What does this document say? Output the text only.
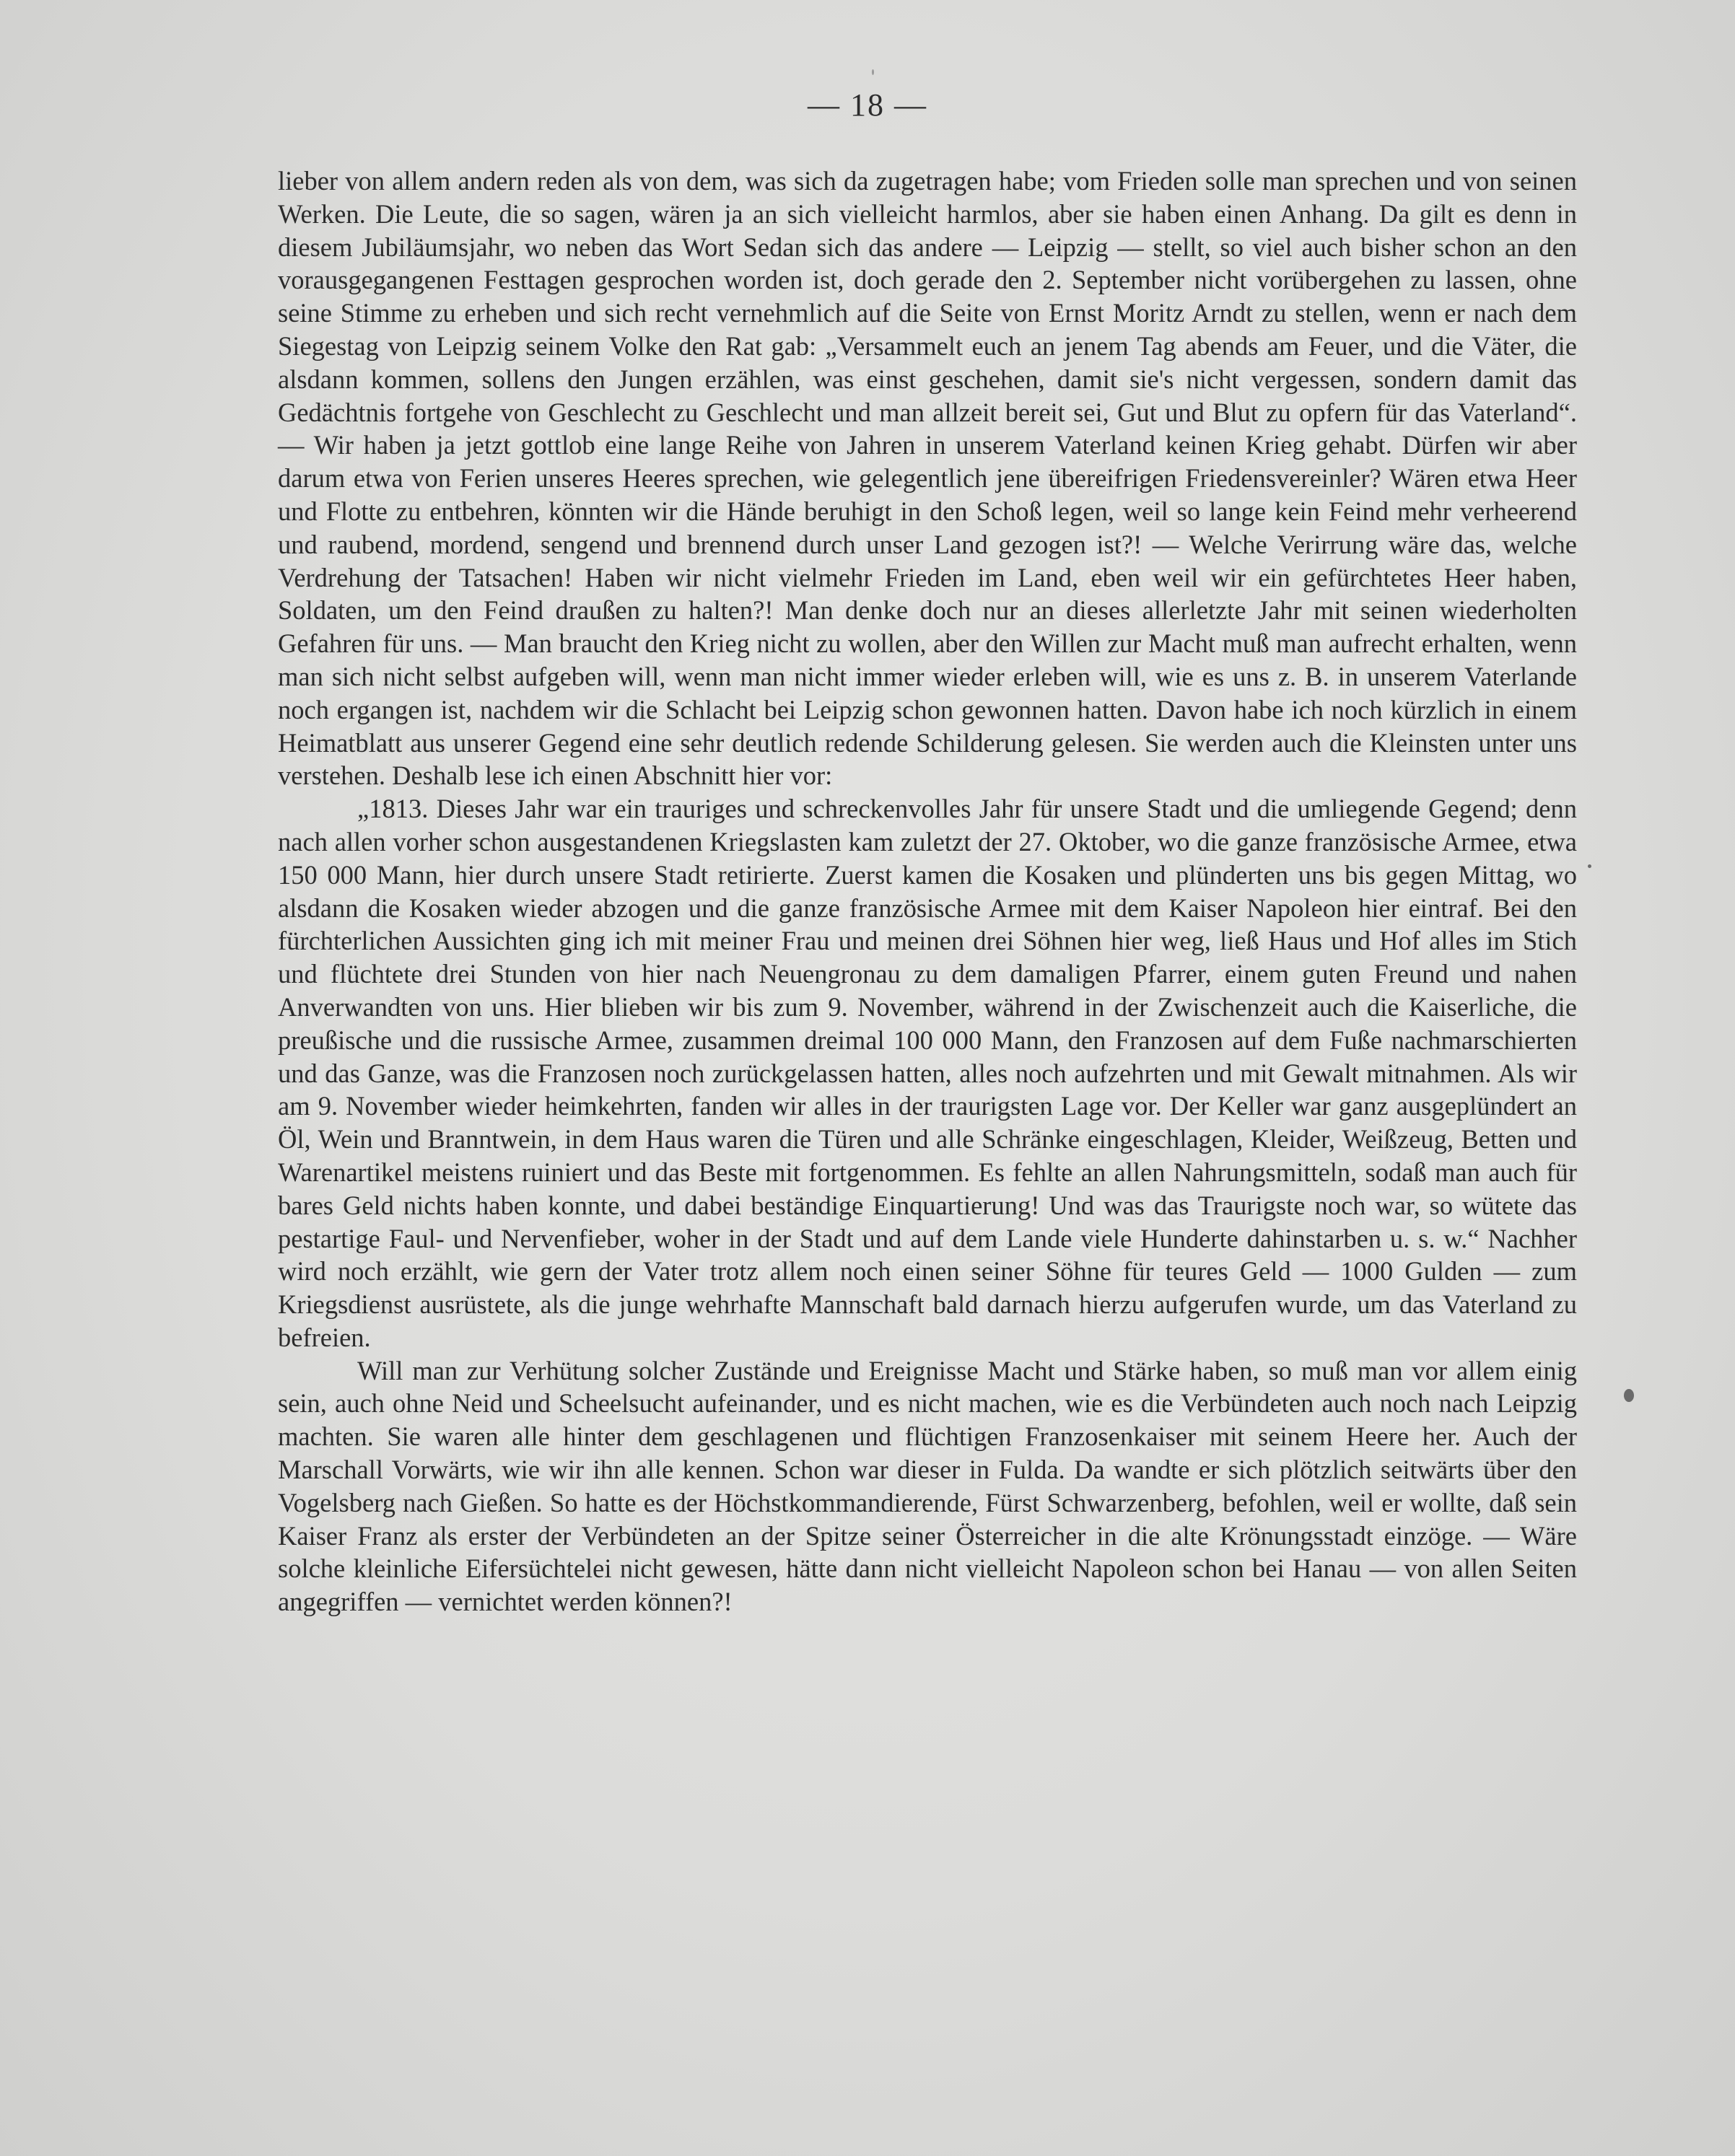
— 18 —

lieber von allem andern reden als von dem, was sich da zugetragen habe; vom Frieden solle man sprechen und von seinen Werken. Die Leute, die so sagen, wären ja an sich vielleicht harmlos, aber sie haben einen Anhang. Da gilt es denn in diesem Jubiläumsjahr, wo neben das Wort Sedan sich das andere — Leipzig — stellt, so viel auch bisher schon an den vorausgegangenen Festtagen gesprochen worden ist, doch gerade den 2. September nicht vorübergehen zu lassen, ohne seine Stimme zu erheben und sich recht vernehmlich auf die Seite von Ernst Moritz Arndt zu stellen, wenn er nach dem Siegestag von Leipzig seinem Volke den Rat gab: „Versammelt euch an jenem Tag abends am Feuer, und die Väter, die alsdann kommen, sollens den Jungen erzählen, was einst geschehen, damit sie's nicht vergessen, sondern damit das Gedächtnis fortgehe von Geschlecht zu Geschlecht und man allzeit bereit sei, Gut und Blut zu opfern für das Vaterland“. — Wir haben ja jetzt gottlob eine lange Reihe von Jahren in unserem Vaterland keinen Krieg gehabt. Dürfen wir aber darum etwa von Ferien unseres Heeres sprechen, wie gelegentlich jene übereifrigen Friedensvereinler? Wären etwa Heer und Flotte zu entbehren, könnten wir die Hände beruhigt in den Schoß legen, weil so lange kein Feind mehr verheerend und raubend, mordend, sengend und brennend durch unser Land gezogen ist?! — Welche Verirrung wäre das, welche Verdrehung der Tatsachen! Haben wir nicht vielmehr Frieden im Land, eben weil wir ein gefürchtetes Heer haben, Soldaten, um den Feind draußen zu halten?! Man denke doch nur an dieses allerletzte Jahr mit seinen wiederholten Gefahren für uns. — Man braucht den Krieg nicht zu wollen, aber den Willen zur Macht muß man aufrecht erhalten, wenn man sich nicht selbst aufgeben will, wenn man nicht immer wieder erleben will, wie es uns z. B. in unserem Vaterlande noch ergangen ist, nachdem wir die Schlacht bei Leipzig schon gewonnen hatten. Davon habe ich noch kürzlich in einem Heimatblatt aus unserer Gegend eine sehr deutlich redende Schilderung gelesen. Sie werden auch die Kleinsten unter uns verstehen. Deshalb lese ich einen Abschnitt hier vor:

„1813. Dieses Jahr war ein trauriges und schreckenvolles Jahr für unsere Stadt und die umliegende Gegend; denn nach allen vorher schon ausgestandenen Kriegslasten kam zuletzt der 27. Oktober, wo die ganze französische Armee, etwa 150 000 Mann, hier durch unsere Stadt retirierte. Zuerst kamen die Kosaken und plünderten uns bis gegen Mittag, wo alsdann die Kosaken wieder abzogen und die ganze französische Armee mit dem Kaiser Napoleon hier eintraf. Bei den fürchterlichen Aussichten ging ich mit meiner Frau und meinen drei Söhnen hier weg, ließ Haus und Hof alles im Stich und flüchtete drei Stunden von hier nach Neuengronau zu dem damaligen Pfarrer, einem guten Freund und nahen Anverwandten von uns. Hier blieben wir bis zum 9. November, während in der Zwischenzeit auch die Kaiserliche, die preußische und die russische Armee, zusammen dreimal 100 000 Mann, den Franzosen auf dem Fuße nachmarschierten und das Ganze, was die Franzosen noch zurückgelassen hatten, alles noch aufzehrten und mit Gewalt mitnahmen. Als wir am 9. November wieder heimkehrten, fanden wir alles in der traurigsten Lage vor. Der Keller war ganz ausgeplündert an Öl, Wein und Branntwein, in dem Haus waren die Türen und alle Schränke eingeschlagen, Kleider, Weißzeug, Betten und Warenartikel meistens ruiniert und das Beste mit fortgenommen. Es fehlte an allen Nahrungsmitteln, sodaß man auch für bares Geld nichts haben konnte, und dabei beständige Einquartierung! Und was das Traurigste noch war, so wütete das pestartige Faul- und Nervenfieber, woher in der Stadt und auf dem Lande viele Hunderte dahinstarben u. s. w.“ Nachher wird noch erzählt, wie gern der Vater trotz allem noch einen seiner Söhne für teures Geld — 1000 Gulden — zum Kriegsdienst ausrüstete, als die junge wehrhafte Mannschaft bald darnach hierzu aufgerufen wurde, um das Vaterland zu befreien.

Will man zur Verhütung solcher Zustände und Ereignisse Macht und Stärke haben, so muß man vor allem einig sein, auch ohne Neid und Scheelsucht aufeinander, und es nicht machen, wie es die Verbündeten auch noch nach Leipzig machten. Sie waren alle hinter dem geschlagenen und flüchtigen Franzosenkaiser mit seinem Heere her. Auch der Marschall Vorwärts, wie wir ihn alle kennen. Schon war dieser in Fulda. Da wandte er sich plötzlich seitwärts über den Vogelsberg nach Gießen. So hatte es der Höchstkommandierende, Fürst Schwarzenberg, befohlen, weil er wollte, daß sein Kaiser Franz als erster der Verbündeten an der Spitze seiner Österreicher in die alte Krönungsstadt einzöge. — Wäre solche kleinliche Eifersüchtelei nicht gewesen, hätte dann nicht vielleicht Napoleon schon bei Hanau — von allen Seiten angegriffen — vernichtet werden können?!
